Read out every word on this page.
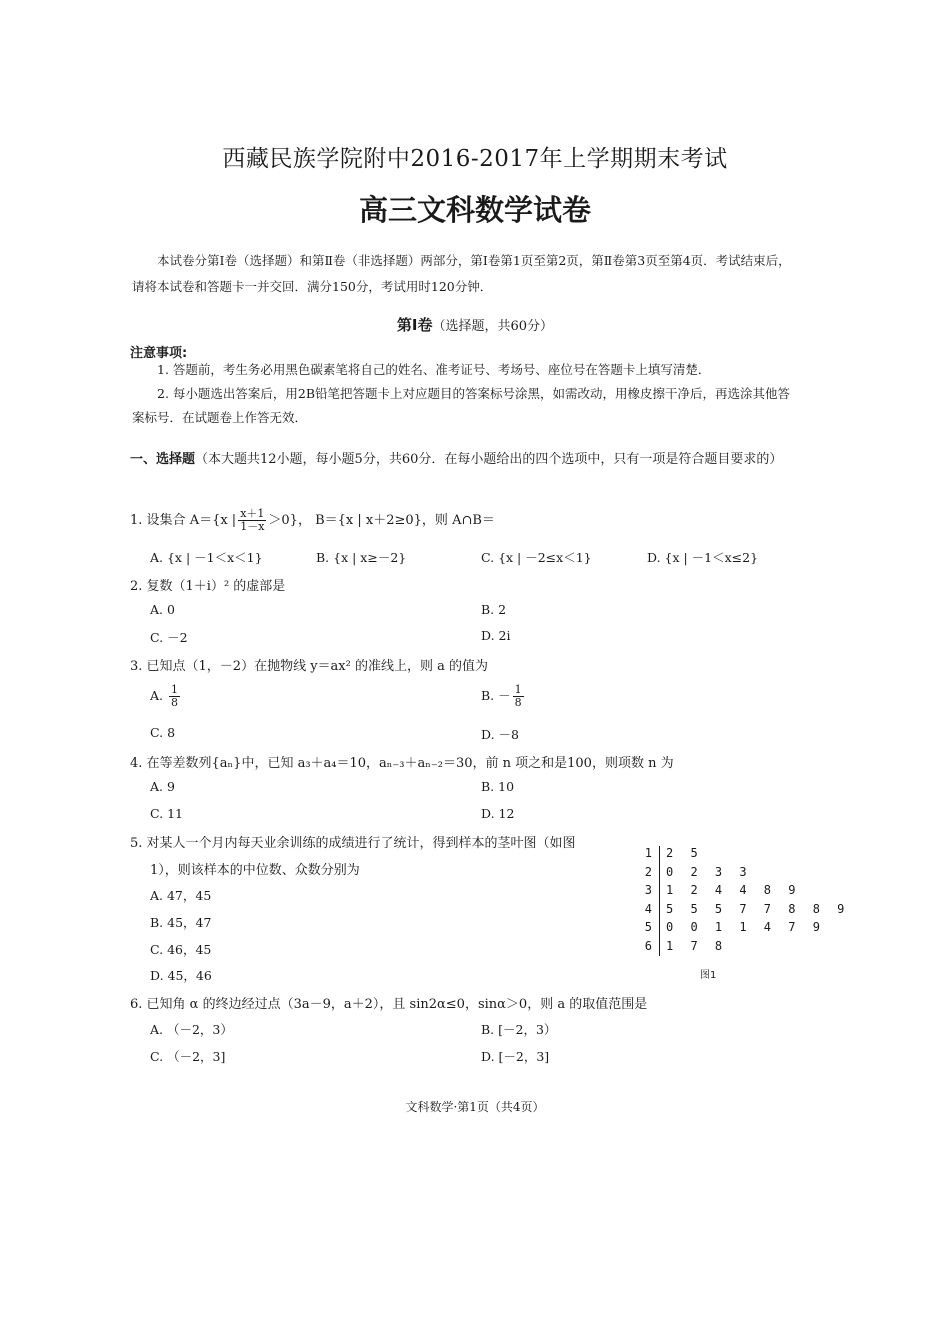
西藏民族学院附中2016-2017年上学期期末考试
高三文科数学试卷
本试卷分第Ⅰ卷（选择题）和第Ⅱ卷（非选择题）两部分，第Ⅰ卷第1页至第2页，第Ⅱ卷第3页至第4页．考试结束后，请将本试卷和答题卡一并交回．满分150分，考试用时120分钟．
第Ⅰ卷（选择题，共60分）
注意事项:
1. 答题前，考生务必用黑色碳素笔将自己的姓名、准考证号、考场号、座位号在答题卡上填写清楚．
2. 每小题选出答案后，用2B铅笔把答题卡上对应题目的答案标号涂黑，如需改动，用橡皮擦干净后，再选涂其他答案标号．在试题卷上作答无效．
一、选择题（本大题共12小题，每小题5分，共60分．在每小题给出的四个选项中，只有一项是符合题目要求的）
1. 设集合 A＝{x | $\frac{x+1}{1-x} >0$}， B＝{x | x＋2≥0}，则 A∩B＝
A. {x | －1＜x＜1}	B. {x | x≥－2}	C. {x | －2≤x＜1}	D. {x | －1＜x≤2}
2. 复数（1＋i）² 的虚部是
A. 0	B. 2
C. －2	D. 2i
3. 已知点（1，－2）在抛物线 y＝ax² 的准线上，则 a 的值为
A. $\frac{1}{8}$	B. － $\frac{1}{8}$
C. 8	D. －8
4. 在等差数列{aₙ}中，已知 a₃＋a₄＝10，aₙ₋₃＋aₙ₋₂＝30，前 n 项之和是100，则项数 n 为
A. 9	B. 10
C. 11	D. 12
5. 对某人一个月内每天业余训练的成绩进行了统计，得到样本的茎叶图（如图
1），则该样本的中位数、众数分别为
A. 47，45
B. 45，47
C. 46，45
D. 45，46
1	2 5
2	0 2 3 3
3	1 2 4 4 8 9
4	5 5 5 7 7 8 8 9
5	0 0 1 1 4 7 9
6	1 7 8
图1
6. 已知角 α 的终边经过点（3a－9，a＋2），且 sin2α≤0，sinα＞0，则 a 的取值范围是
A. （－2，3）	B. [－2，3）
C. （－2，3]	D. [－2，3]
文科数学·第1页（共4页）
